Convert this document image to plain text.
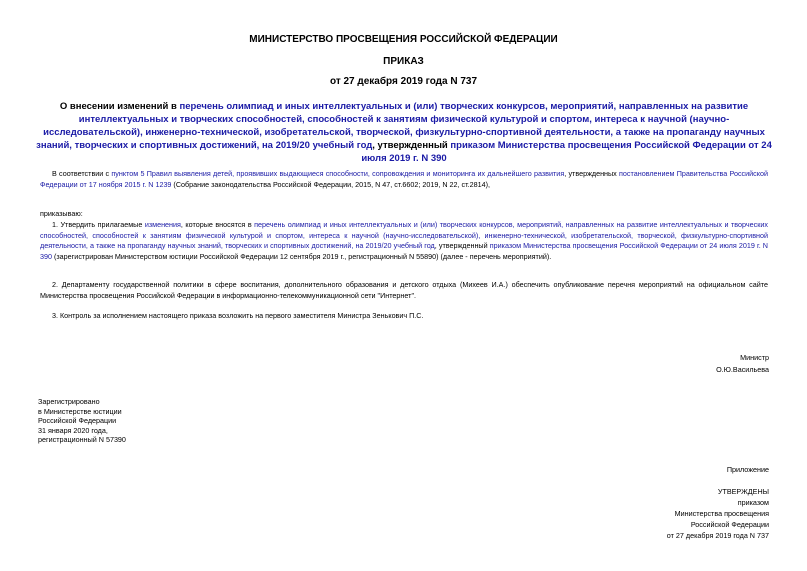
МИНИСТЕРСТВО ПРОСВЕЩЕНИЯ РОССИЙСКОЙ ФЕДЕРАЦИИ
ПРИКАЗ
от 27 декабря 2019 года N 737
О внесении изменений в перечень олимпиад и иных интеллектуальных и (или) творческих конкурсов, мероприятий, направленных на развитие интеллектуальных и творческих способностей, способностей к занятиям физической культурой и спортом, интереса к научной (научно-исследовательской), инженерно-технической, изобретательской, творческой, физкультурно-спортивной деятельности, а также на пропаганду научных знаний, творческих и спортивных достижений, на 2019/20 учебный год, утвержденный приказом Министерства просвещения Российской Федерации от 24 июля 2019 г. N 390
В соответствии с пунктом 5 Правил выявления детей, проявивших выдающиеся способности, сопровождения и мониторинга их дальнейшего развития, утвержденных постановлением Правительства Российской Федерации от 17 ноября 2015 г. N 1239 (Собрание законодательства Российской Федерации, 2015, N 47, ст.6602; 2019, N 22, ст.2814),
приказываю:
1. Утвердить прилагаемые изменения, которые вносятся в перечень олимпиад и иных интеллектуальных и (или) творческих конкурсов, мероприятий, направленных на развитие интеллектуальных и творческих способностей, способностей к занятиям физической культурой и спортом, интереса к научной (научно-исследовательской), инженерно-технической, изобретательской, творческой, физкультурно-спортивной деятельности, а также на пропаганду научных знаний, творческих и спортивных достижений, на 2019/20 учебный год, утвержденный приказом Министерства просвещения Российской Федерации от 24 июля 2019 г. N 390 (зарегистрирован Министерством юстиции Российской Федерации 12 сентября 2019 г., регистрационный N 55890) (далее - перечень мероприятий).
2. Департаменту государственной политики в сфере воспитания, дополнительного образования и детского отдыха (Михеев И.А.) обеспечить опубликование перечня мероприятий на официальном сайте Министерства просвещения Российской Федерации в информационно-телекоммуникационной сети "Интернет".
3. Контроль за исполнением настоящего приказа возложить на первого заместителя Министра Зенькович П.С.
Министр
О.Ю.Васильева
Зарегистрировано
в Министерстве юстиции
Российской Федерации
31 января 2020 года,
регистрационный N 57390
Приложение
УТВЕРЖДЕНЫ
приказом
Министерства просвещения
Российской Федерации
от 27 декабря 2019 года N 737
